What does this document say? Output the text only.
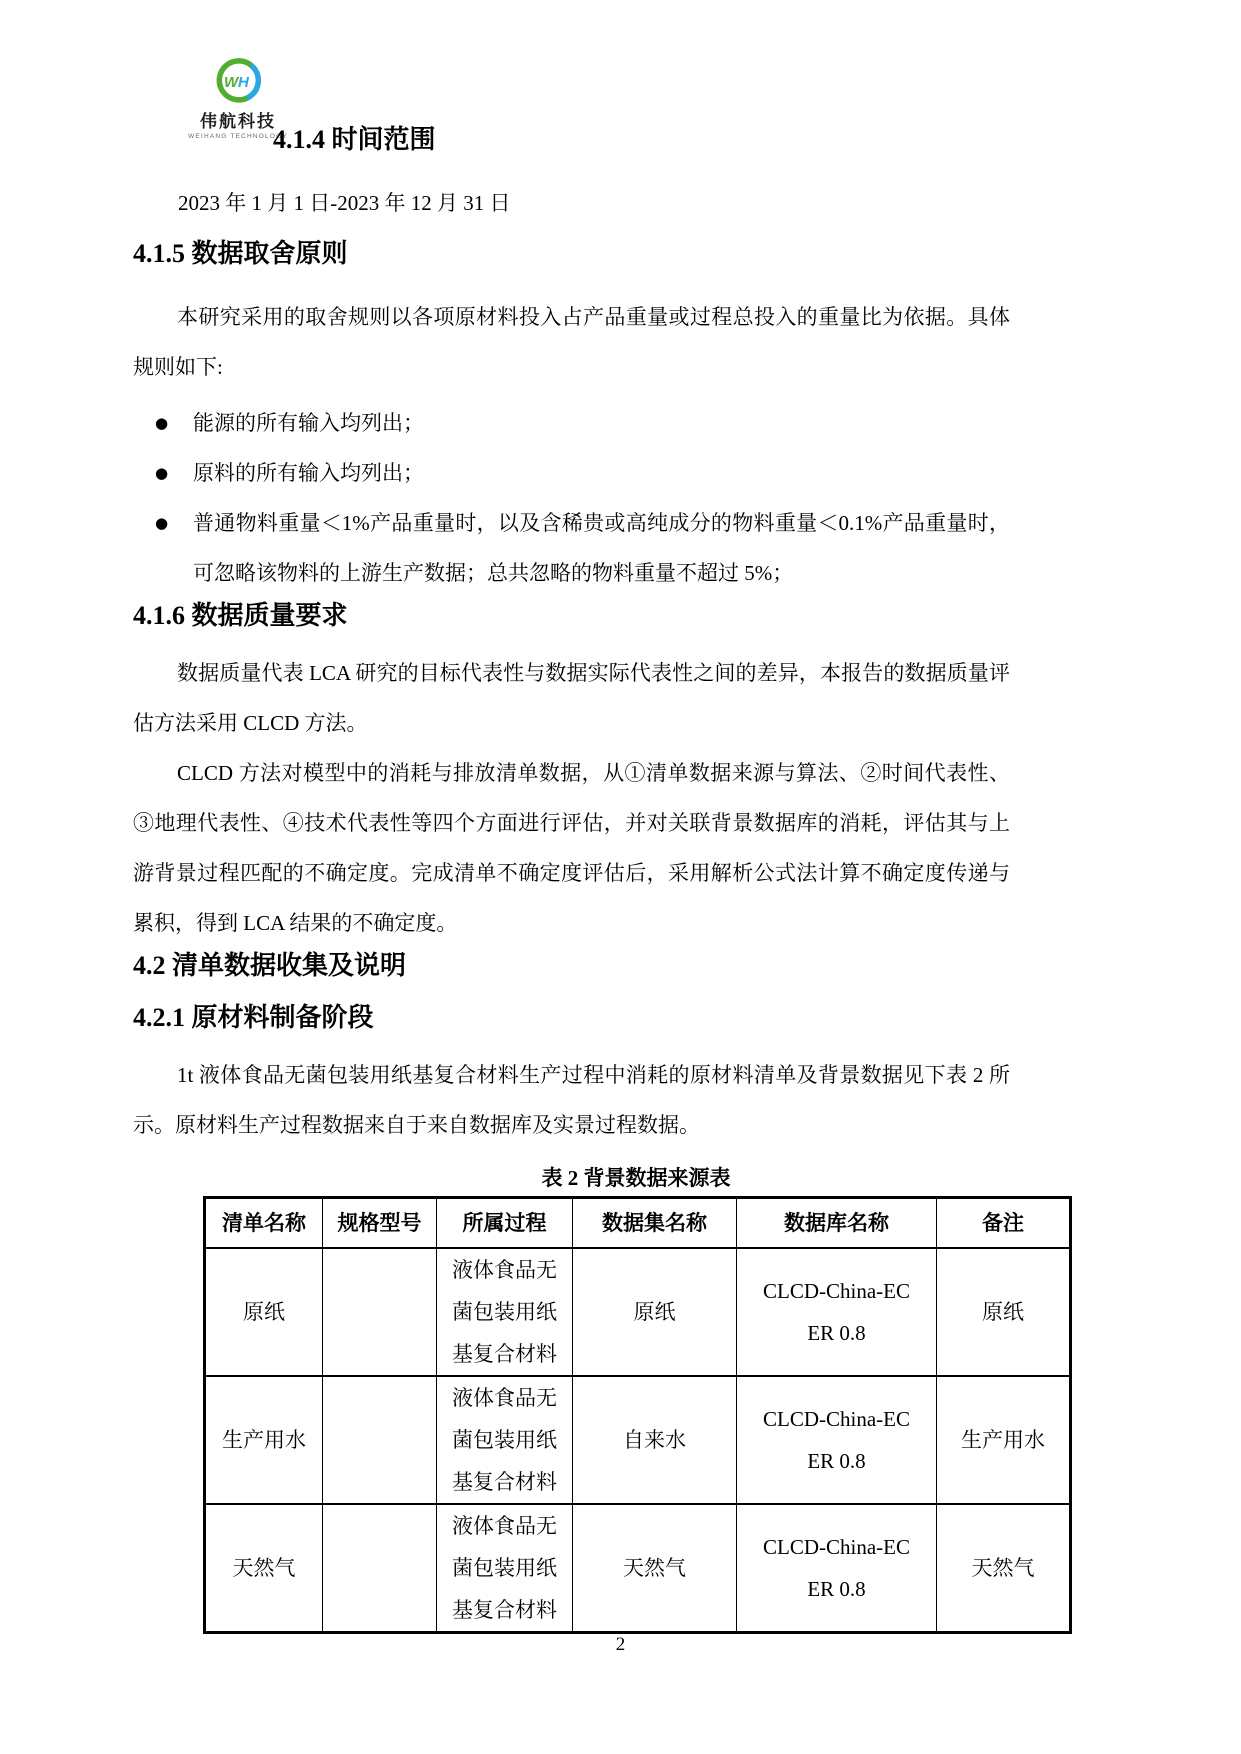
W H
伟航科技
WEIHANG TECHNOLOGY
4.1.4 时间范围

2023 年 1 月 1 日-2023 年 12 月 31 日

4.1.5 数据取舍原则

本研究采用的取舍规则以各项原材料投入占产品重量或过程总投入的重量比为依据。具体规则如下:

● 能源的所有输入均列出；
● 原料的所有输入均列出；
● 普通物料重量＜1%产品重量时，以及含稀贵或高纯成分的物料重量＜0.1%产品重量时，可忽略该物料的上游生产数据；总共忽略的物料重量不超过 5%；
4.1.6 数据质量要求

数据质量代表 LCA 研究的目标代表性与数据实际代表性之间的差异，本报告的数据质量评估方法采用 CLCD 方法。

CLCD 方法对模型中的消耗与排放清单数据，从①清单数据来源与算法、②时间代表性、③地理代表性、④技术代表性等四个方面进行评估，并对关联背景数据库的消耗，评估其与上游背景过程匹配的不确定度。完成清单不确定度评估后，采用解析公式法计算不确定度传递与累积，得到 LCA 结果的不确定度。

4.2 清单数据收集及说明
4.2.1 原材料制备阶段

1t 液体食品无菌包装用纸基复合材料生产过程中消耗的原材料清单及背景数据见下表 2 所示。原材料生产过程数据来自于来自数据库及实景过程数据。

表 2 背景数据来源表
清单名称	规格型号	所属过程	数据集名称	数据库名称	备注
原纸		液体食品无菌包装用纸基复合材料	原纸	CLCD-China-ECER 0.8	原纸
生产用水		液体食品无菌包装用纸基复合材料	自来水	CLCD-China-ECER 0.8	生产用水
天然气		液体食品无菌包装用纸基复合材料	天然气	CLCD-China-ECER 0.8	天然气
2
